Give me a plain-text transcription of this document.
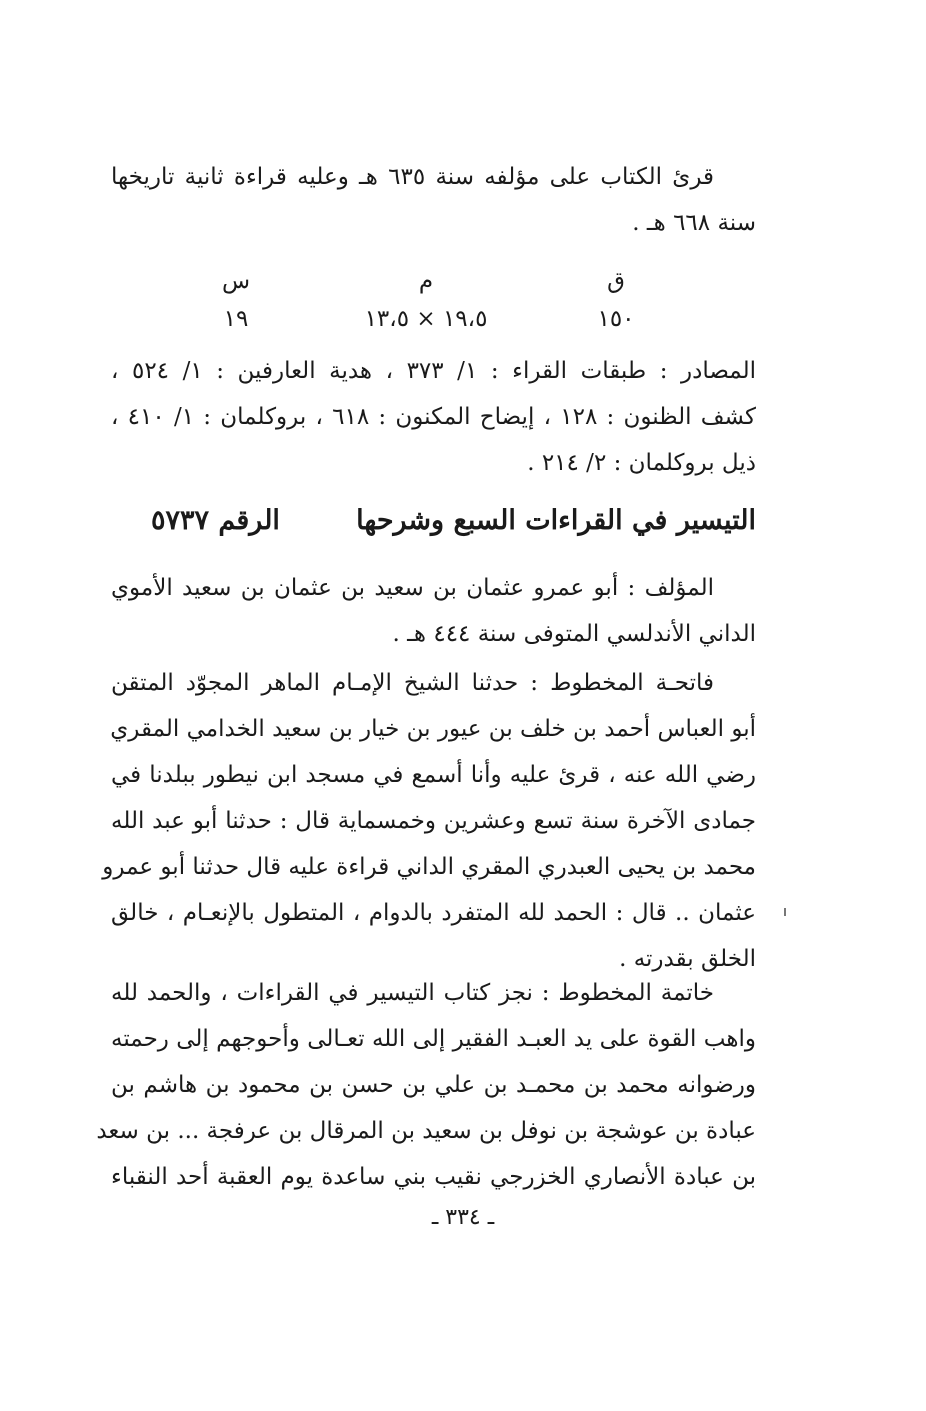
قرئ الكتاب على مؤلفه سنة ٦٣٥ هـ وعليه قراءة ثانية تاريخها
سنة ٦٦٨ هـ .
ق
م
س
١٥٠
١٩،٥ × ١٣،٥
١٩
المصادر : طبقات القراء : ١/ ٣٧٣ ، هدية العارفين : ١/ ٥٢٤ ،
كشف الظنون : ١٢٨ ، إيضاح المكنون : ٦١٨ ، بروكلمان : ١/ ٤١٠ ،
ذيل بروكلمان : ٢/ ٢١٤ .
التيسير في القراءات السبع وشرحها
الرقم ٥٧٣٧
المؤلف : أبو عمرو عثمان بن سعيد بن عثمان بن سعيد الأموي
الداني الأندلسي المتوفى سنة ٤٤٤ هـ .
فاتحـة المخطوط : حدثنا الشيخ الإمـام الماهر المجوّد المتقن
أبو العباس أحمد بن خلف بن عيور بن خيار بن سعيد الخدامي المقري
رضي الله عنه ، قرئ عليه وأنا أسمع في مسجد ابن نيطور ببلدنا في
جمادى الآخرة سنة تسع وعشرين وخمسماية قال : حدثنا أبو عبد الله
محمد بن يحيى العبدري المقري الداني قراءة عليه قال حدثنا أبو عمرو
عثمان .. قال : الحمد لله المتفرد بالدوام ، المتطول بالإنعـام ، خالق
الخلق بقدرته .
خاتمة المخطوط : نجز كتاب التيسير في القراءات ، والحمد لله
واهب القوة على يد العبـد الفقير إلى الله تعـالى وأحوجهم إلى رحمته
ورضوانه محمد بن محمـد بن علي بن حسن بن محمود بن هاشم بن
عبادة بن عوشجة بن نوفل بن سعيد بن المرقال بن عرفجة ... بن سعد
بن عبادة الأنصاري الخزرجي نقيب بني ساعدة يوم العقبة أحد النقباء
ـ ٣٣٤ ـ
